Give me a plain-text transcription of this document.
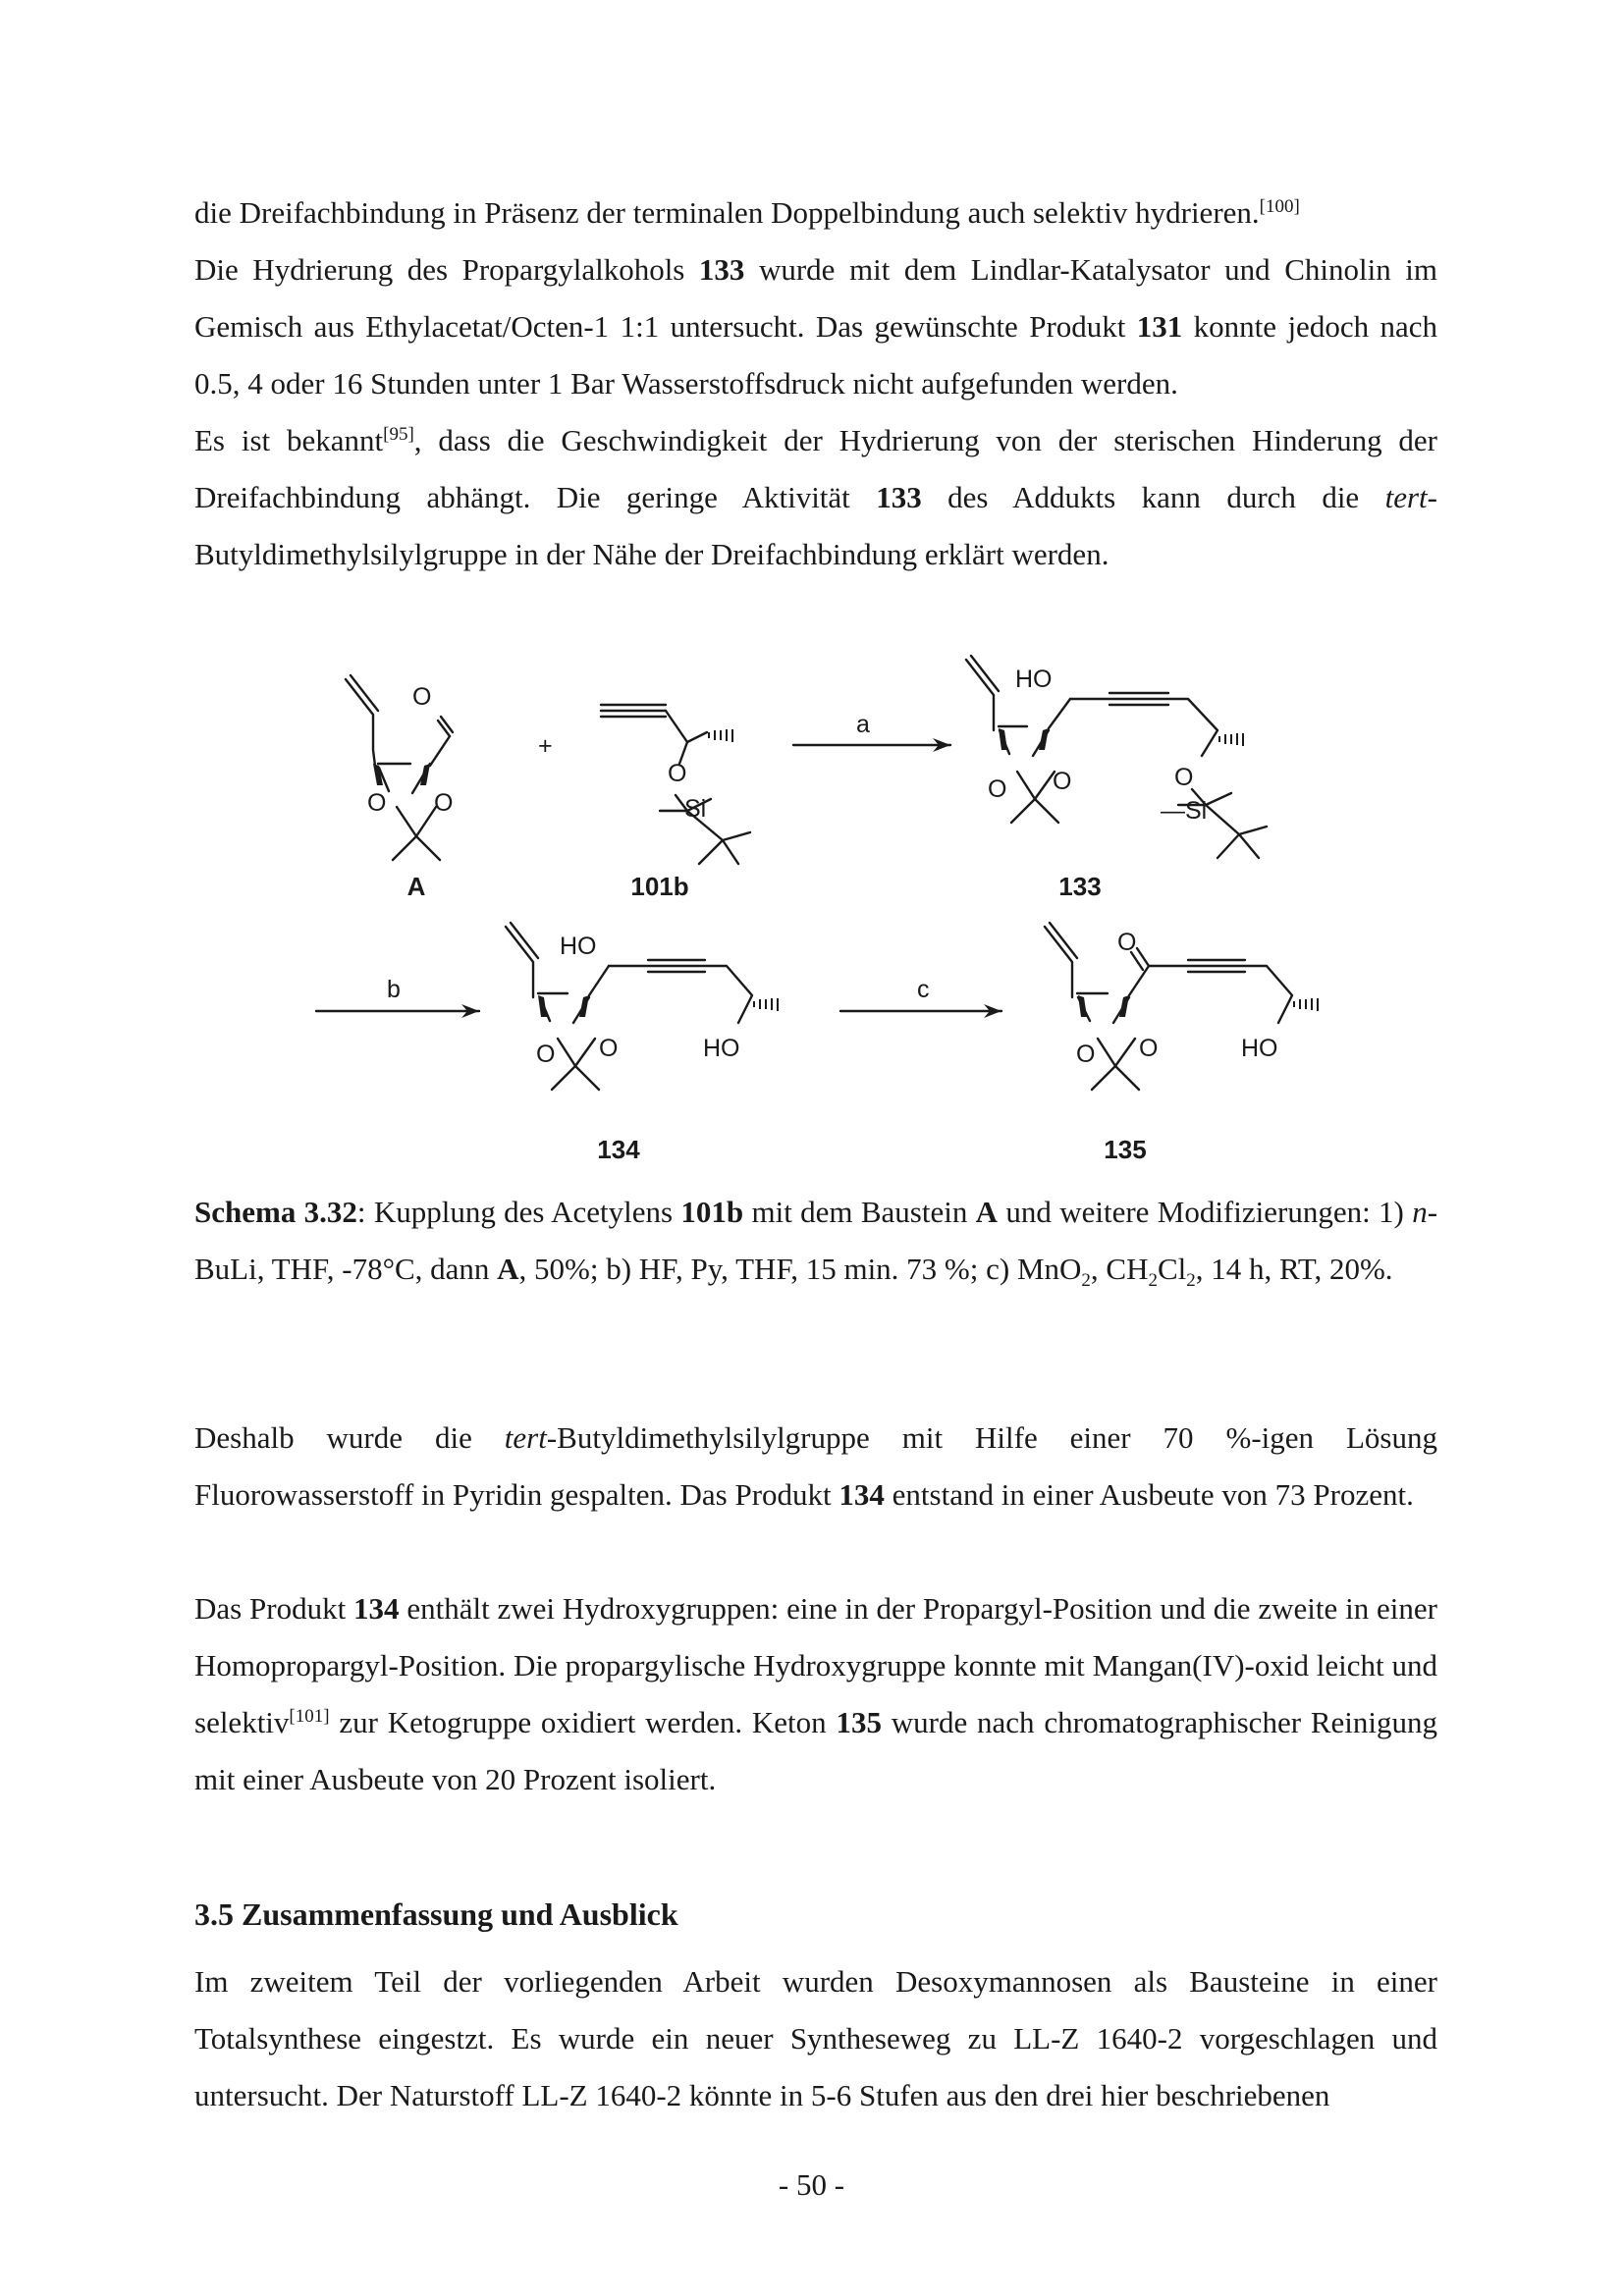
die Dreifachbindung in Präsenz der terminalen Doppelbindung auch selektiv hydrieren.[100]
Die Hydrierung des Propargylalkohols 133 wurde mit dem Lindlar-Katalysator und Chinolin im Gemisch aus Ethylacetat/Octen-1 1:1 untersucht. Das gewünschte Produkt 131 konnte jedoch nach 0.5, 4 oder 16 Stunden unter 1 Bar Wasserstoffsdruck nicht aufgefunden werden.
Es ist bekannt[95], dass die Geschwindigkeit der Hydrierung von der sterischen Hinderung der Dreifachbindung abhängt. Die geringe Aktivität 133 des Addukts kann durch die tert-Butyldimethylsilylgruppe in der Nähe der Dreifachbindung erklärt werden.

O
O O
+
O
—Si
HO
O O	O
—Si
HO
O O	HO
O
O O	HO
a
b	c
A	101b	133
134	135

Schema 3.32: Kupplung des Acetylens 101b mit dem Baustein A und weitere Modifizierungen: 1) n-BuLi, THF, -78°C, dann A, 50%; b) HF, Py, THF, 15 min. 73 %; c) MnO$_2$, $CH_2Cl_2$, 14 h, RT, 20%.

Deshalb wurde die tert-Butyldimethylsilylgruppe mit Hilfe einer 70 %-igen Lösung Fluorowasserstoff in Pyridin gespalten. Das Produkt 134 entstand in einer Ausbeute von 73 Prozent.

Das Produkt 134 enthält zwei Hydroxygruppen: eine in der Propargyl-Position und die zweite in einer Homopropargyl-Position. Die propargylische Hydroxygruppe konnte mit Mangan(IV)-oxid leicht und selektiv[101] zur Ketogruppe oxidiert werden. Keton 135 wurde nach chromatographischer Reinigung mit einer Ausbeute von 20 Prozent isoliert.

3.5 Zusammenfassung und Ausblick

Im zweitem Teil der vorliegenden Arbeit wurden Desoxymannosen als Bausteine in einer Totalsynthese eingestzt. Es wurde ein neuer Syntheseweg zu LL-Z 1640-2 vorgeschlagen und untersucht. Der Naturstoff LL-Z 1640-2 könnte in 5-6 Stufen aus den drei hier beschriebenen

- 50 -
